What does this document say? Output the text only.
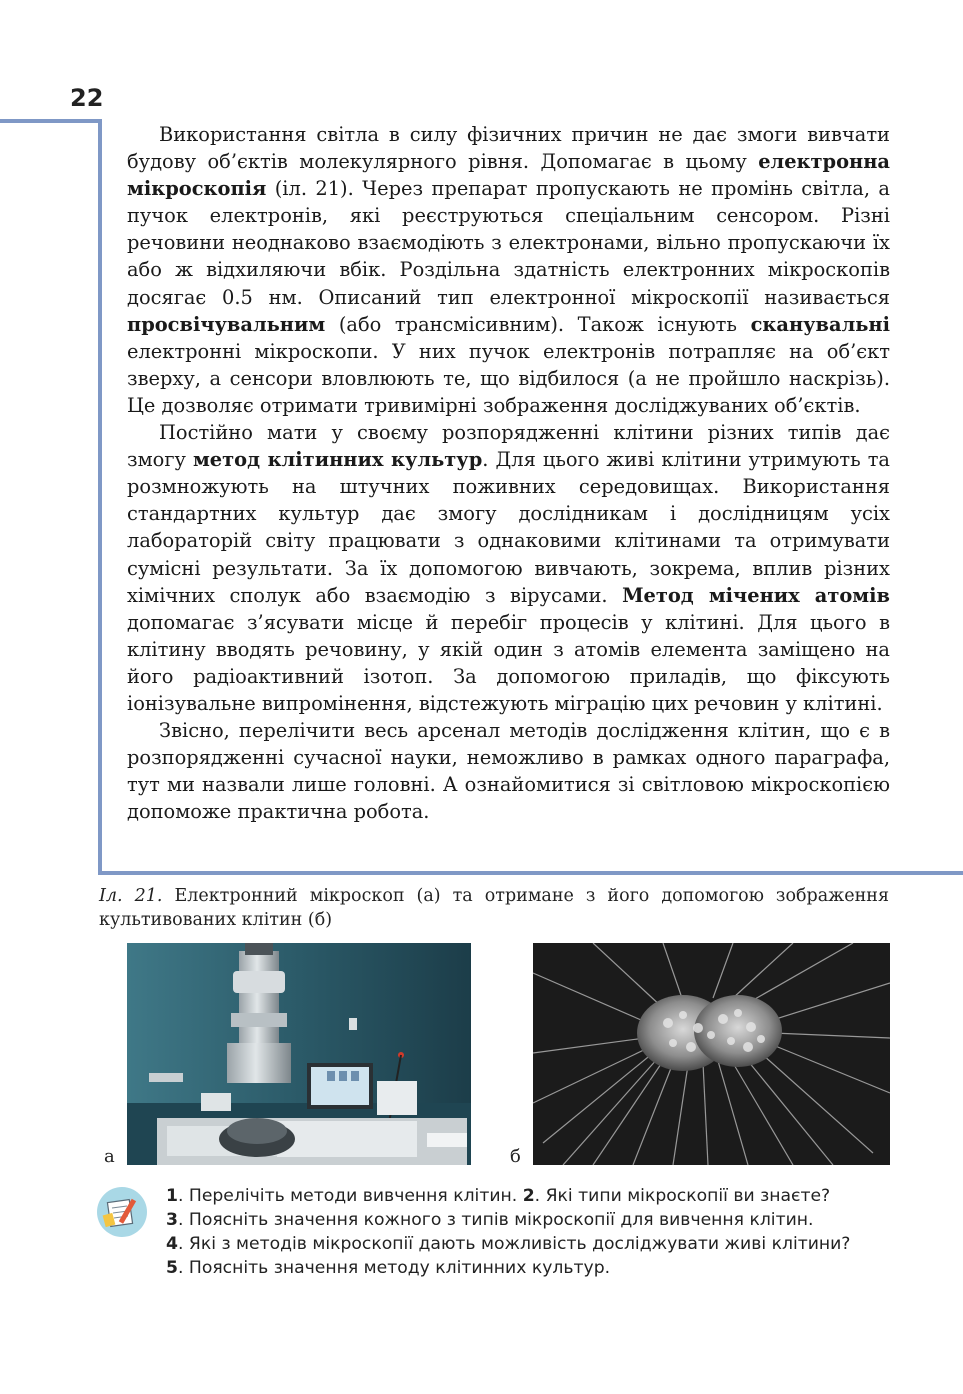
22

Використання світла в силу фізичних причин не дає змоги вивчати будову об’єктів молекулярного рівня. Допомагає в цьому електронна мікроскопія (іл. 21). Через препарат пропускають не промінь світла, а пучок електронів, які реєструються спеціальним сенсором. Різні речовини неоднаково взаємодіють з електронами, вільно пропускаючи їх або ж відхиляючи вбік. Роздільна здатність електронних мікроскопів досягає 0.5 нм. Описаний тип електронної мікроскопії називається просвічувальним (або трансмісивним). Також існують сканувальні електронні мікроскопи. У них пучок електронів потрапляє на об’єкт зверху, а сенсори вловлюють те, що відбилося (а не пройшло наскрізь). Це дозволяє отримати тривимірні зображення досліджуваних об’єктів.

Постійно мати у своєму розпорядженні клітини різних типів дає змогу метод клітинних культур. Для цього живі клітини утримують та розмножують на штучних поживних середовищах. Використання стандартних культур дає змогу дослідникам і дослідницям усіх лабораторій світу працювати з однаковими клітинами та отримувати сумісні результати. За їх допомогою вивчають, зокрема, вплив різних хімічних сполук або взаємодію з вірусами. Метод мічених атомів допомагає з’ясувати місце й перебіг процесів у клітині. Для цього в клітину вводять речовину, у якій один з атомів елемента заміщено на його радіоактивний ізотоп. За допомогою приладів, що фіксують іонізувальне випромінення, відстежують міграцію цих речовин у клітині.

Звісно, перелічити весь арсенал методів дослідження клітин, що є в розпорядженні сучасної науки, неможливо в рамках одного параграфа, тут ми назвали лише головні. А ознайомитися зі світловою мікроскопією допоможе практична робота.

Іл. 21. Електронний мікроскоп (а) та отримане з його допомогою зображення культивованих клітин (б)
а	б
1. Перелічіть методи вивчення клітин. 2. Які типи мікроскопії ви знаєте?
3. Поясніть значення кожного з типів мікроскопії для вивчення клітин.
4. Які з методів мікроскопії дають можливість досліджувати живі клітини?
5. Поясніть значення методу клітинних культур.
